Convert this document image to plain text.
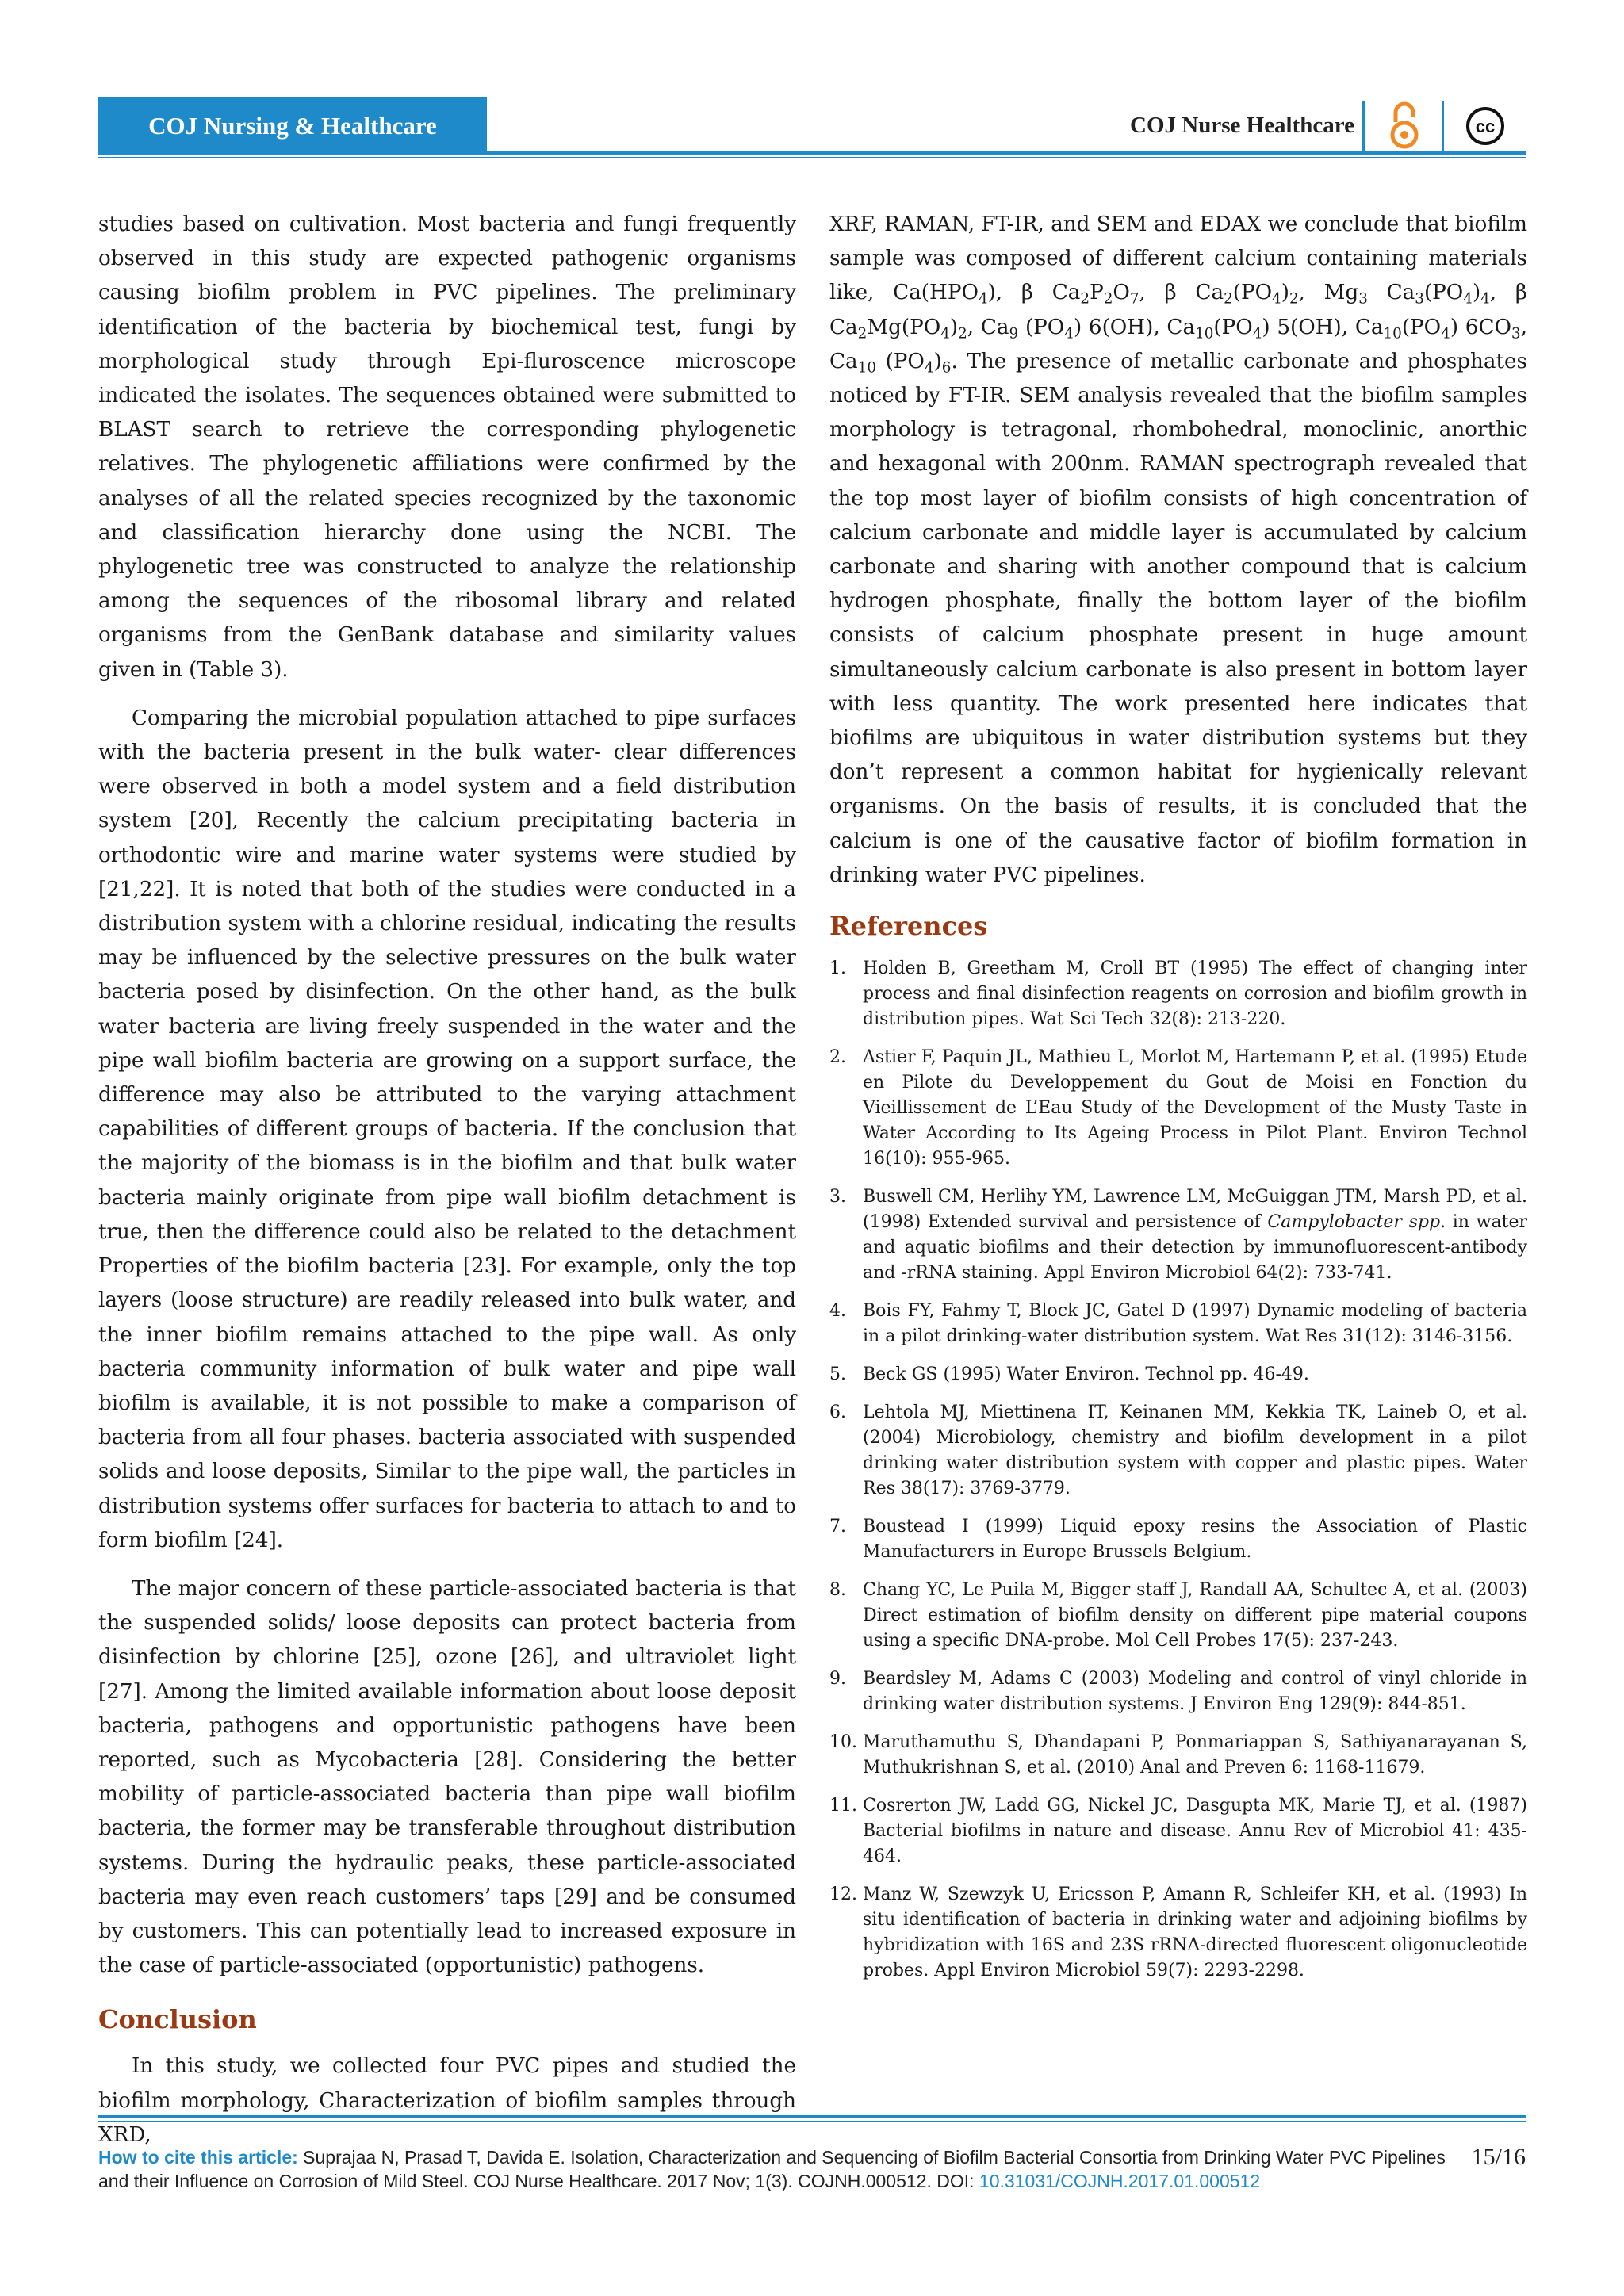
COJ Nursing & Healthcare	COJ Nurse Healthcare	cc

studies based on cultivation. Most bacteria and fungi frequently observed in this study are expected pathogenic organisms causing biofilm problem in PVC pipelines. The preliminary identification of the bacteria by biochemical test, fungi by morphological study through Epi-fluroscence microscope indicated the isolates. The sequences obtained were submitted to BLAST search to retrieve the corresponding phylogenetic relatives. The phylogenetic affiliations were confirmed by the analyses of all the related species recognized by the taxonomic and classification hierarchy done using the NCBI. The phylogenetic tree was constructed to analyze the relationship among the sequences of the ribosomal library and related organisms from the GenBank database and similarity values given in (Table 3).

Comparing the microbial population attached to pipe surfaces with the bacteria present in the bulk water- clear differences were observed in both a model system and a field distribution system [20], Recently the calcium precipitating bacteria in orthodontic wire and marine water systems were studied by [21,22]. It is noted that both of the studies were conducted in a distribution system with a chlorine residual, indicating the results may be influenced by the selective pressures on the bulk water bacteria posed by disinfection. On the other hand, as the bulk water bacteria are living freely suspended in the water and the pipe wall biofilm bacteria are growing on a support surface, the difference may also be attributed to the varying attachment capabilities of different groups of bacteria. If the conclusion that the majority of the biomass is in the biofilm and that bulk water bacteria mainly originate from pipe wall biofilm detachment is true, then the difference could also be related to the detachment Properties of the biofilm bacteria [23]. For example, only the top layers (loose structure) are readily released into bulk water, and the inner biofilm remains attached to the pipe wall. As only bacteria community information of bulk water and pipe wall biofilm is available, it is not possible to make a comparison of bacteria from all four phases. bacteria associated with suspended solids and loose deposits, Similar to the pipe wall, the particles in distribution systems offer surfaces for bacteria to attach to and to form biofilm [24].

The major concern of these particle-associated bacteria is that the suspended solids/ loose deposits can protect bacteria from disinfection by chlorine [25], ozone [26], and ultraviolet light [27]. Among the limited available information about loose deposit bacteria, pathogens and opportunistic pathogens have been reported, such as Mycobacteria [28]. Considering the better mobility of particle-associated bacteria than pipe wall biofilm bacteria, the former may be transferable throughout distribution systems. During the hydraulic peaks, these particle-associated bacteria may even reach customers’ taps [29] and be consumed by customers. This can potentially lead to increased exposure in the case of particle-associated (opportunistic) pathogens.

Conclusion

In this study, we collected four PVC pipes and studied the biofilm morphology, Characterization of biofilm samples through XRD,

XRF, RAMAN, FT-IR, and SEM and EDAX we conclude that biofilm sample was composed of different calcium containing materials like, $Ca(HPO_4)$, β $Ca_2P_2O_7$, β $Ca_2(PO_4)_2$, $Mg_3$ $Ca_3(PO_4)_4$, β $Ca_2Mg(PO_4)_2$, $Ca_9$ $(PO_4)$ 6(OH), $Ca_{10}(PO_4)$ 5(OH), $Ca_{10}(PO_4)$ $6CO_3$, $Ca_{10}$ $(PO_4)_6$. The presence of metallic carbonate and phosphates noticed by FT-IR. SEM analysis revealed that the biofilm samples morphology is tetragonal, rhombohedral, monoclinic, anorthic and hexagonal with 200nm. RAMAN spectrograph revealed that the top most layer of biofilm consists of high concentration of calcium carbonate and middle layer is accumulated by calcium carbonate and sharing with another compound that is calcium hydrogen phosphate, finally the bottom layer of the biofilm consists of calcium phosphate present in huge amount simultaneously calcium carbonate is also present in bottom layer with less quantity. The work presented here indicates that biofilms are ubiquitous in water distribution systems but they don’t represent a common habitat for hygienically relevant organisms. On the basis of results, it is concluded that the calcium is one of the causative factor of biofilm formation in drinking water PVC pipelines.

References
1. Holden B, Greetham M, Croll BT (1995) The effect of changing inter process and final disinfection reagents on corrosion and biofilm growth in distribution pipes. Wat Sci Tech 32(8): 213-220.
2. Astier F, Paquin JL, Mathieu L, Morlot M, Hartemann P, et al. (1995) Etude en Pilote du Developpement du Gout de Moisi en Fonction du Vieillissement de L’Eau Study of the Development of the Musty Taste in Water According to Its Ageing Process in Pilot Plant. Environ Technol 16(10): 955-965.
3. Buswell CM, Herlihy YM, Lawrence LM, McGuiggan JTM, Marsh PD, et al. (1998) Extended survival and persistence of Campylobacter spp. in water and aquatic biofilms and their detection by immunofluorescent-antibody and -rRNA staining. Appl Environ Microbiol 64(2): 733-741.
4. Bois FY, Fahmy T, Block JC, Gatel D (1997) Dynamic modeling of bacteria in a pilot drinking-water distribution system. Wat Res 31(12): 3146-3156.
5. Beck GS (1995) Water Environ. Technol pp. 46-49.
6. Lehtola MJ, Miettinena IT, Keinanen MM, Kekkia TK, Laineb O, et al. (2004) Microbiology, chemistry and biofilm development in a pilot drinking water distribution system with copper and plastic pipes. Water Res 38(17): 3769-3779.
7. Boustead I (1999) Liquid epoxy resins the Association of Plastic Manufacturers in Europe Brussels Belgium.
8. Chang YC, Le Puila M, Bigger staff J, Randall AA, Schultec A, et al. (2003) Direct estimation of biofilm density on different pipe material coupons using a specific DNA-probe. Mol Cell Probes 17(5): 237-243.
9. Beardsley M, Adams C (2003) Modeling and control of vinyl chloride in drinking water distribution systems. J Environ Eng 129(9): 844-851.
10. Maruthamuthu S, Dhandapani P, Ponmariappan S, Sathiyanarayanan S, Muthukrishnan S, et al. (2010) Anal and Preven 6: 1168-11679.
11. Cosrerton JW, Ladd GG, Nickel JC, Dasgupta MK, Marie TJ, et al. (1987) Bacterial biofilms in nature and disease. Annu Rev of Microbiol 41: 435-464.
12. Manz W, Szewzyk U, Ericsson P, Amann R, Schleifer KH, et al. (1993) In situ identification of bacteria in drinking water and adjoining biofilms by hybridization with 16S and 23S rRNA-directed fluorescent oligonucleotide probes. Appl Environ Microbiol 59(7): 2293-2298.
How to cite this article: Suprajaa N, Prasad T, Davida E. Isolation, Characterization and Sequencing of Biofilm Bacterial Consortia from Drinking Water PVC Pipelines and their Influence on Corrosion of Mild Steel. COJ Nurse Healthcare. 2017 Nov; 1(3). COJNH.000512. DOI: 10.31031/COJNH.2017.01.000512
15/16
